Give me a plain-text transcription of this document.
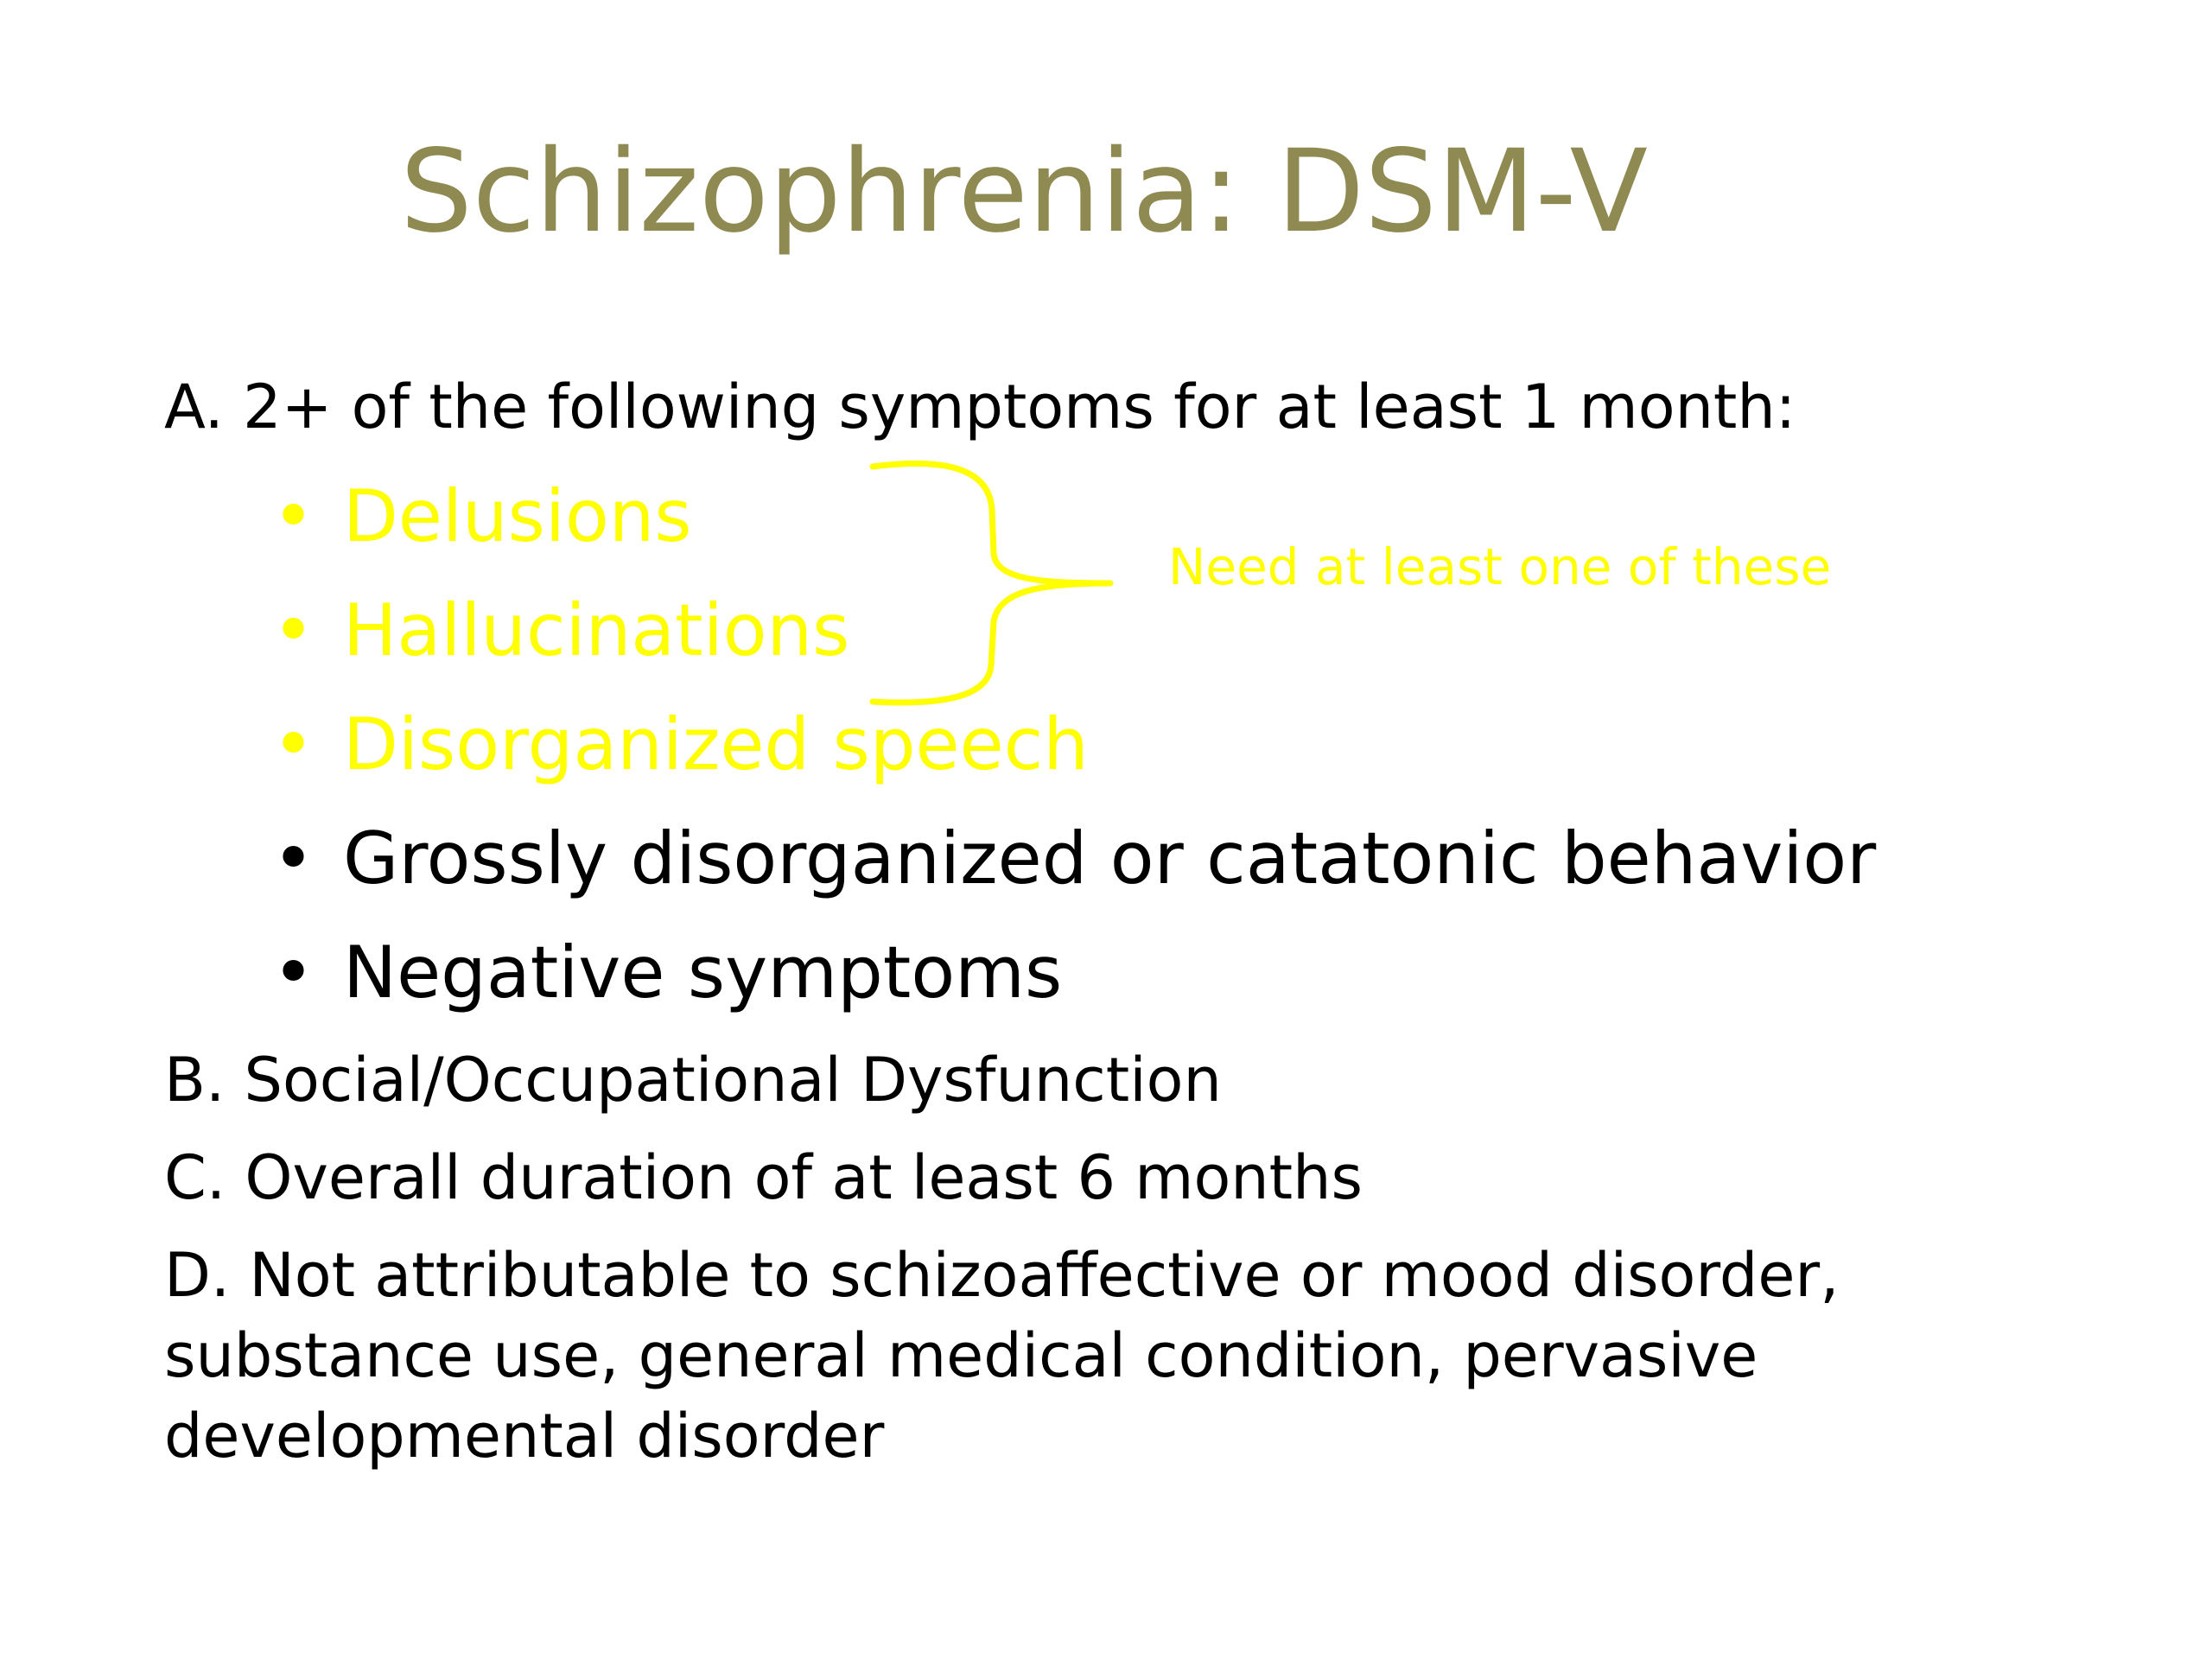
Schizophrenia: DSM-V
A. 2+ of the following symptoms for at least 1 month:
• Delusions
• Hallucinations
• Disorganized speech
• Grossly disorganized or catatonic behavior
• Negative symptoms
Need at least one of these
B. Social/Occupational Dysfunction
C. Overall duration of at least 6 months
D. Not attributable to schizoaffective or mood disorder, substance use, general medical condition, pervasive developmental disorder
